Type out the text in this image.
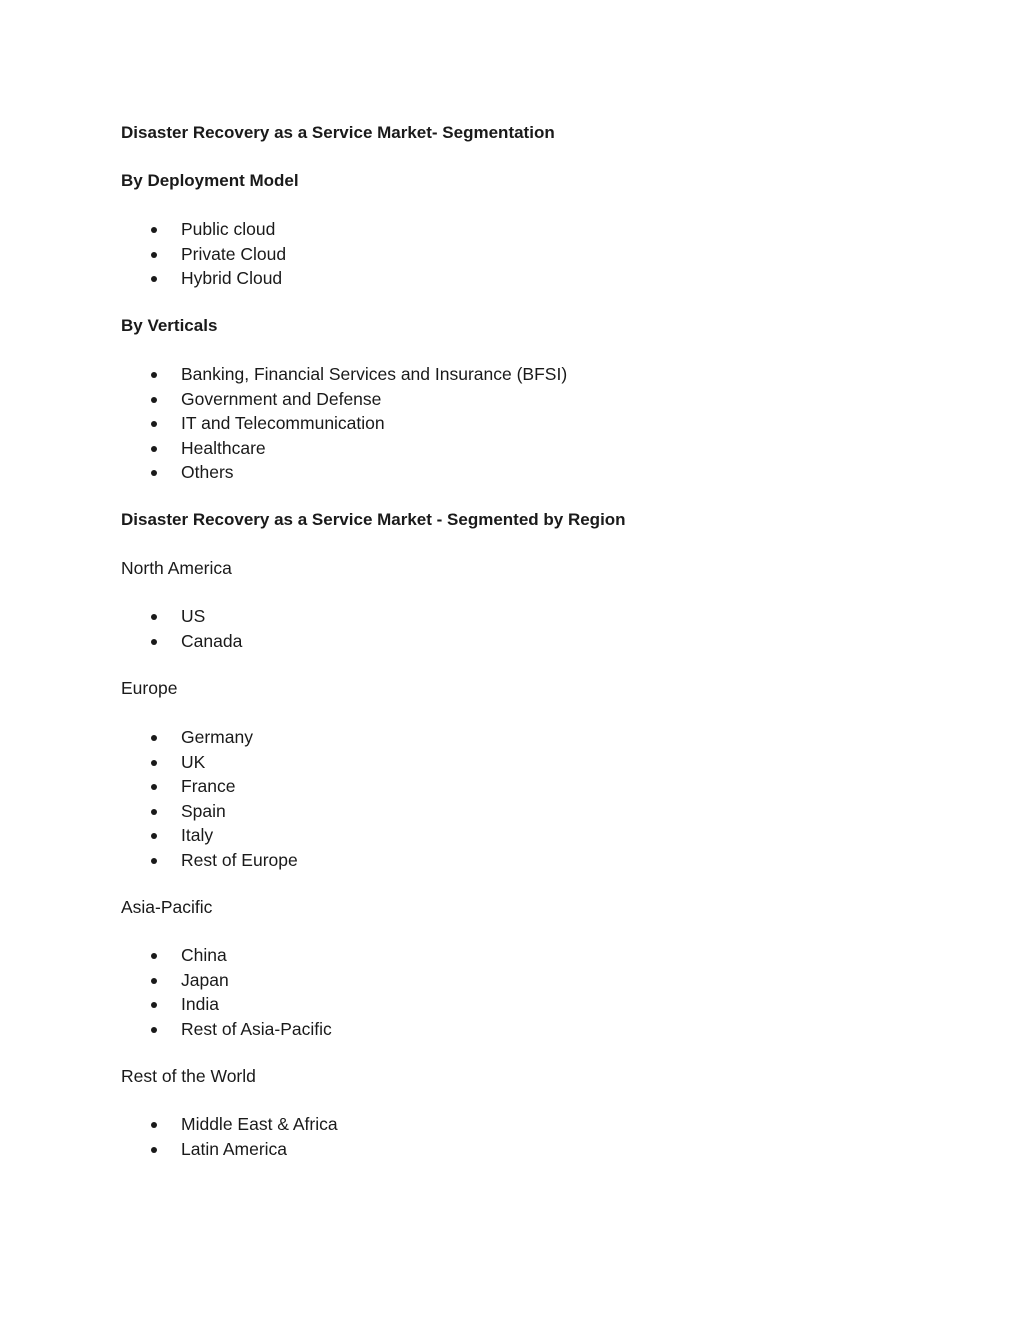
Disaster Recovery as a Service Market- Segmentation
By Deployment Model
Public cloud
Private Cloud
Hybrid Cloud
By Verticals
Banking, Financial Services and Insurance (BFSI)
Government and Defense
IT and Telecommunication
Healthcare
Others
Disaster Recovery as a Service Market - Segmented by Region
North America
US
Canada
Europe
Germany
UK
France
Spain
Italy
Rest of Europe
Asia-Pacific
China
Japan
India
Rest of Asia-Pacific
Rest of the World
Middle East & Africa
Latin America
